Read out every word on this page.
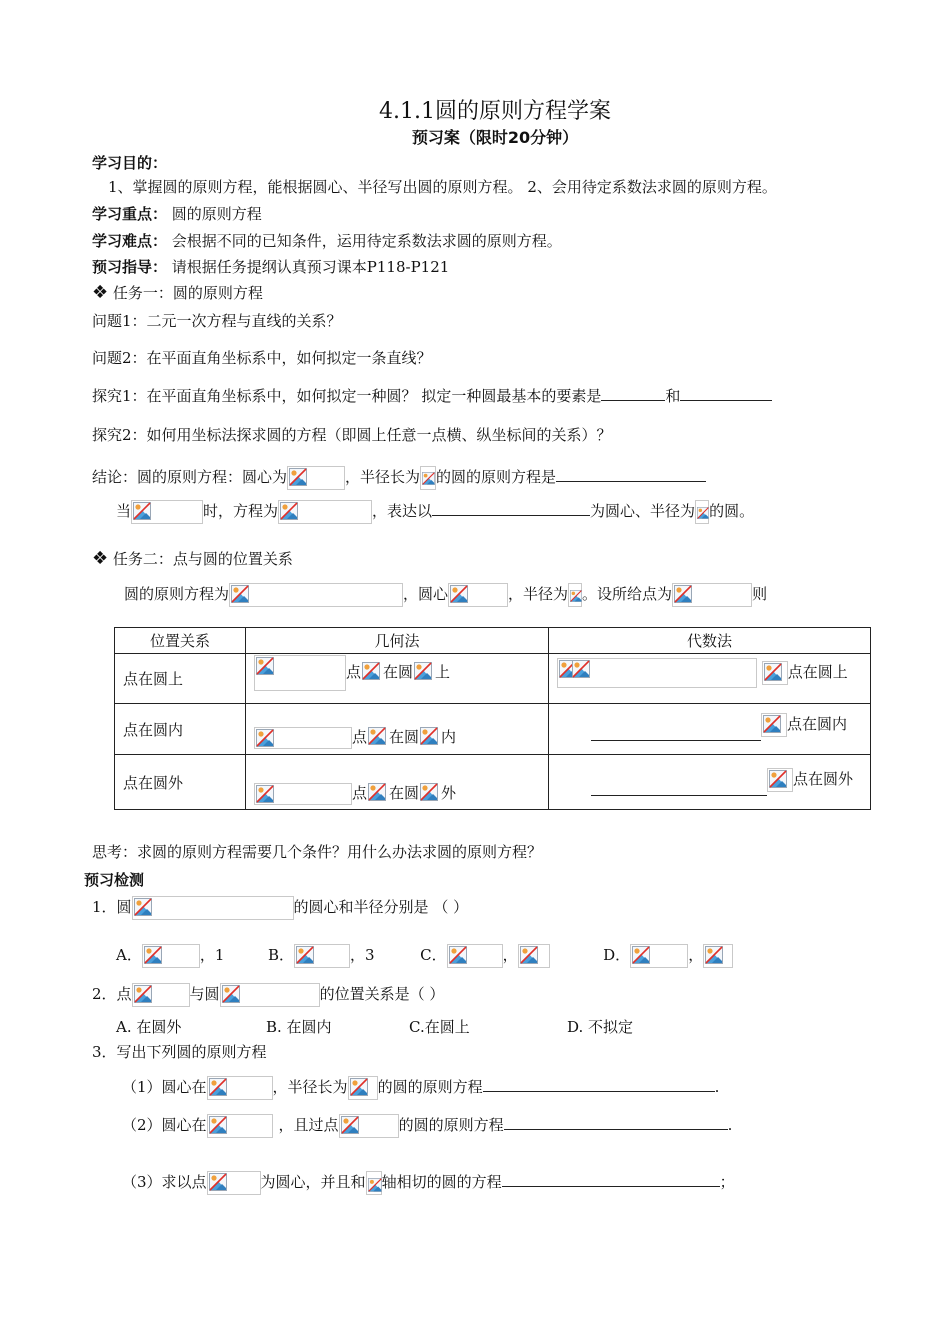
4.1.1圆的原则方程学案
预习案（限时20分钟）
学习目的：
1、掌握圆的原则方程，能根据圆心、半径写出圆的原则方程。 2、会用待定系数法求圆的原则方程。
学习重点： 圆的原则方程
学习难点： 会根据不同的已知条件，运用待定系数法求圆的原则方程。
预习指导： 请根据任务提纲认真预习课本P118-P121
❖ 任务一：圆的原则方程
问题1：二元一次方程与直线的关系？
问题2：在平面直角坐标系中，如何拟定一条直线？
探究1：在平面直角坐标系中，如何拟定一种圆？ 拟定一种圆最基本的要素是	和
探究2：如何用坐标法探求圆的方程（即圆上任意一点横、纵坐标间的关系）？
结论：圆的原则方程：圆心为	，半径长为 的圆的原则方程是
当	时，方程为	，表达以	为圆心、半径为 的圆。
❖ 任务二：点与圆的位置关系
圆的原则方程为	，圆心	，半径为 。设所给点为	则
位置关系	几何法	代数法
点在圆上	点 在圆 上	点在圆上

点在圆内	点 在圆 内	点在圆内

点在圆外	点 在圆 外	点在圆外
思考：求圆的原则方程需要几个条件？用什么办法求圆的原则方程？
预习检测
1．圆	的圆心和半径分别是 （ ）
A．	，1	B．	，3	C．	，	D．	，
2．点	与圆	的位置关系是（ ）
A. 在圆外	B. 在圆内	C.在圆上	D. 不拟定
3．写出下列圆的原则方程
（1）圆心在	，半径长为 的圆的原则方程	.
（2）圆心在	，且过点	的圆的原则方程	.
（3）求以点	为圆心，并且和 轴相切的圆的方程	；
